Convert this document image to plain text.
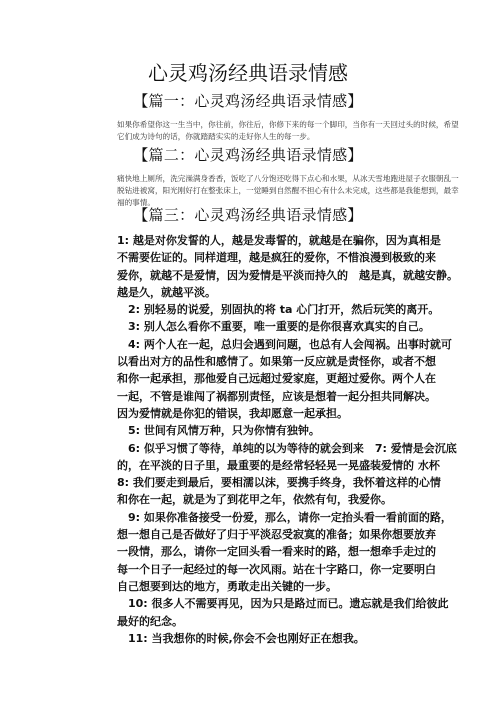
心灵鸡汤经典语录情感
【篇一：心灵鸡汤经典语录情感】
如果你希望你这一生当中，你往前，你往后，你修下来的每一个脚印，当你有一天回过头的时候，希望
它们成为诗句的话，你就踏踏实实的走好你人生的每一步。
【篇二：心灵鸡汤经典语录情感】
痛快地上厕所，洗完澡满身香香，饭吃了八分饱还吃得下点心和水果，从冰天雪地跑进屋子衣服朝乱一
脱钻进被窝，阳光刚好打在整张床上，一觉睡到自然醒不担心有什么未完成，这些都是我能想到，最幸
福的事情。
【篇三：心灵鸡汤经典语录情感】
1: 越是对你发誓的人，越是发毒誓的，就越是在骗你，因为真相是
不需要佐证的。同样道理，越是疯狂的爱你，不惜浪漫到极致的来
爱你，就越不是爱情，因为爱情是平淡而持久的　越是真，就越安静。
越是久，就越平淡。
　2: 别轻易的说爱，别固执的将 ta 心门打开，然后玩笑的离开。
　3: 别人怎么看你不重要，唯一重要的是你很喜欢真实的自己。
　4: 两个人在一起，总归会遇到问题，也总有人会闯祸。出事时就可
以看出对方的品性和感情了。如果第一反应就是责怪你，或者不想
和你一起承担，那他爱自己远超过爱家庭，更超过爱你。两个人在
一起，不管是谁闯了祸都别责怪，应该是想着一起分担共同解决。
因为爱情就是你犯的错误，我却愿意一起承担。
　5: 世间有风情万种，只为你情有独钟。
　6: 似乎习惯了等待，单纯的以为等待的就会到来　7: 爱情是会沉底
的，在平淡的日子里，最重要的是经常轻轻晃一晃盛装爱情的 水杯
8: 我们要走到最后，要相濡以沫，要携手终身，我怀着这样的心情
和你在一起，就是为了到花甲之年，依然有句，我爱你。
　9: 如果你准备接受一份爱，那么，请你一定抬头看一看前面的路，
想一想自己是否做好了归于平淡忍受寂寞的准备；如果你想要放弃
一段情，那么，请你一定回头看一看来时的路，想一想牵手走过的
每一个日子一起经过的每一次风雨。站在十字路口，你一定要明白
自己想要到达的地方，勇敢走出关键的一步。
　10: 很多人不需要再见，因为只是路过而已。遗忘就是我们给彼此
最好的纪念。
　11: 当我想你的时候,你会不会也刚好正在想我。
